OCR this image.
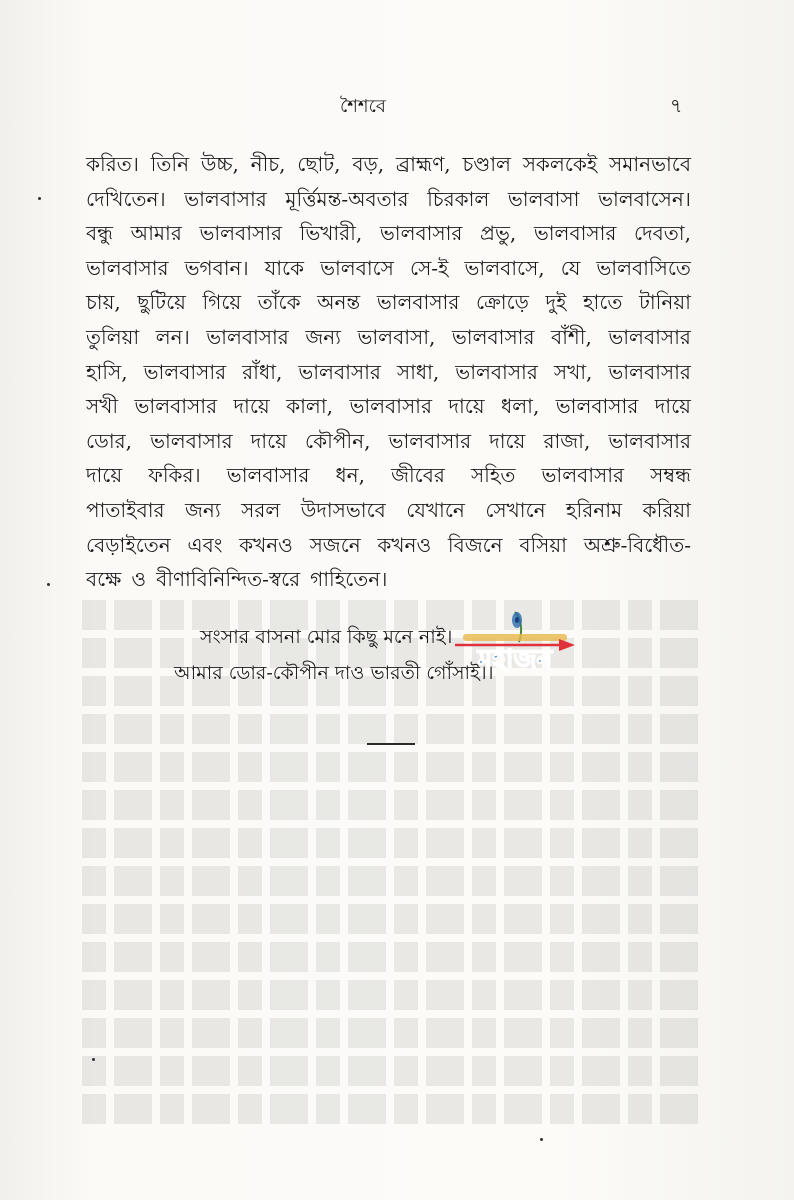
শৈশবে	৭
করিত। তিনি উচ্চ, নীচ, ছোট, বড়, ব্রাহ্মণ, চণ্ডাল সকলকেই সমানভাবে
দেখিতেন। ভালবাসার মূর্ত্তিমন্ত-অবতার চিরকাল ভালবাসা ভালবাসেন।
বন্ধু আমার ভালবাসার ভিখারী, ভালবাসার প্রভু, ভালবাসার দেবতা,
ভালবাসার ভগবান। যাকে ভালবাসে সে-ই ভালবাসে, যে ভালবাসিতে
চায়, ছুটিয়ে গিয়ে তাঁকে অনন্ত ভালবাসার ক্রোড়ে দুই হাতে টানিয়া
তুলিয়া লন। ভালবাসার জন্য ভালবাসা, ভালবাসার বাঁশী, ভালবাসার
হাসি, ভালবাসার রাঁধা, ভালবাসার সাধা, ভালবাসার সখা, ভালবাসার
সখী ভালবাসার দায়ে কালা, ভালবাসার দায়ে ধলা, ভালবাসার দায়ে
ডোর, ভালবাসার দায়ে কৌপীন, ভালবাসার দায়ে রাজা, ভালবাসার
দায়ে ফকির। ভালবাসার ধন, জীবের সহিত ভালবাসার সম্বন্ধ
পাতাইবার জন্য সরল উদাসভাবে যেখানে সেখানে হরিনাম করিয়া
বেড়াইতেন এবং কখনও সজনে কখনও বিজনে বসিয়া অশ্রু-বিধৌত-
বক্ষে ও বীণাবিনিন্দিত-স্বরে গাহিতেন।
সংসার বাসনা মোর কিছু মনে নাই।
আমার ডোর-কৌপীন দাও ভারতী গোঁসাই।।
মহাজন
